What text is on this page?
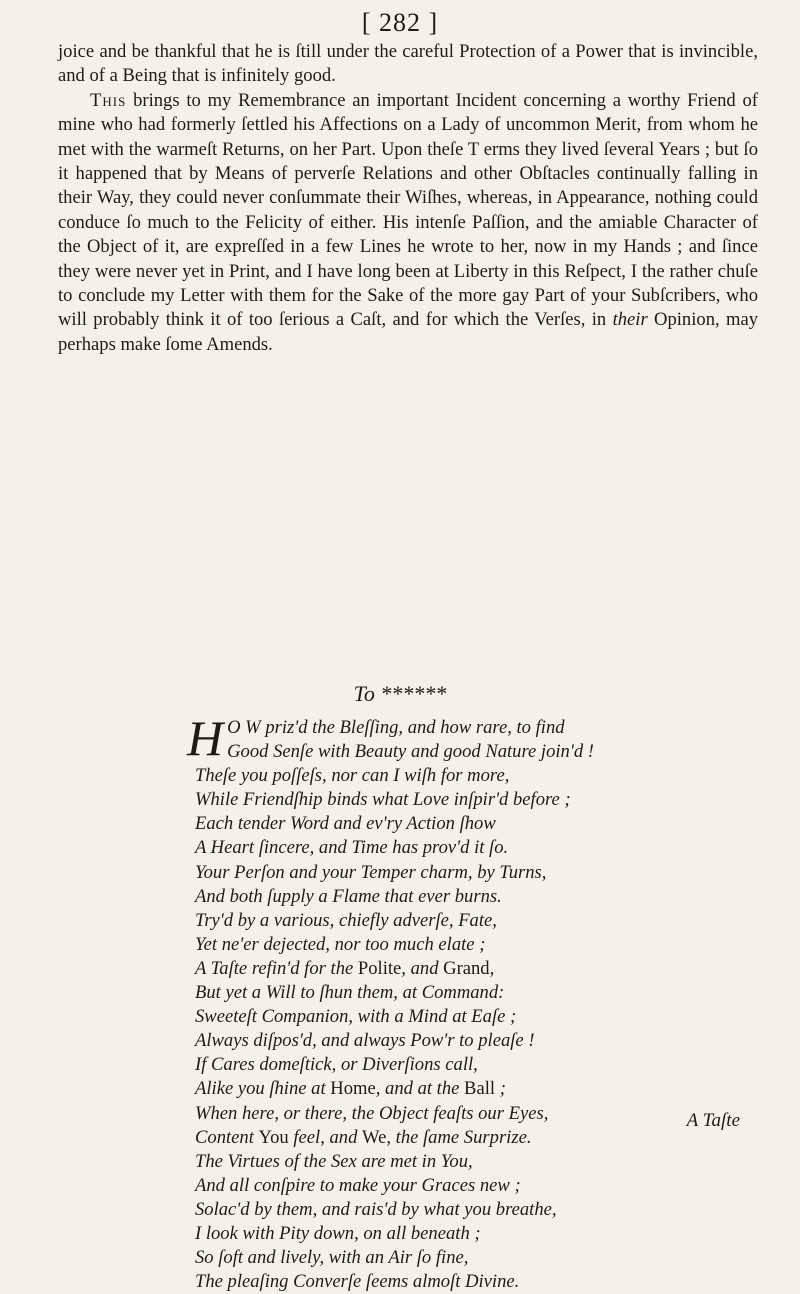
[ 282 ]

joice and be thankful that he is ſtill under the careful Protection of a Power that is invincible, and of a Being that is infinitely good.

This brings to my Remembrance an important Incident concerning a worthy Friend of mine who had formerly ſettled his Affections on a Lady of uncommon Merit, from whom he met with the warmeſt Returns, on her Part. Upon theſe T erms they lived ſeveral Years ; but ſo it happened that by Means of perverſe Relations and other Obſtacles continually falling in their Way, they could never conſummate their Wiſhes, whereas, in Appearance, nothing could conduce ſo much to the Felicity of either. His intenſe Paſſion, and the amiable Character of the Object of it, are expreſſed in a few Lines he wrote to her, now in my Hands ; and ſince they were never yet in Print, and I have long been at Liberty in this Reſpect, I the rather chuſe to conclude my Letter with them for the Sake of the more gay Part of your Subſcribers, who will probably think it of too ſerious a Caſt, and for which the Verſes, in their Opinion, may perhaps make ſome Amends.

To ******
H O W priz'd the Bleſſing, and how rare, to find
Good Senſe with Beauty and good Nature join'd !
Theſe you poſſeſs, nor can I wiſh for more,
While Friendſhip binds what Love inſpir'd before ;
Each tender Word and ev'ry Action ſhow
A Heart ſincere, and Time has prov'd it ſo.
Your Perſon and your Temper charm, by Turns,
And both ſupply a Flame that ever burns.
Try'd by a various, chiefly adverſe, Fate,
Yet ne'er dejected, nor too much elate ;
A Taſte refin'd for the Polite, and Grand,
But yet a Will to ſhun them, at Command:
Sweeteſt Companion, with a Mind at Eaſe ;
Always diſpos'd, and always Pow'r to pleaſe !
If Cares domeſtick, or Diverſions call,
Alike you ſhine at Home, and at the Ball ;
When here, or there, the Object feaſts our Eyes,
Content You feel, and We, the ſame Surprize.
The Virtues of the Sex are met in You,
And all conſpire to make your Graces new ;
Solac'd by them, and rais'd by what you breathe,
I look with Pity down, on all beneath ;
So ſoft and lively, with an Air ſo fine,
The pleaſing Converſe ſeems almoſt Divine.
A Taſte
